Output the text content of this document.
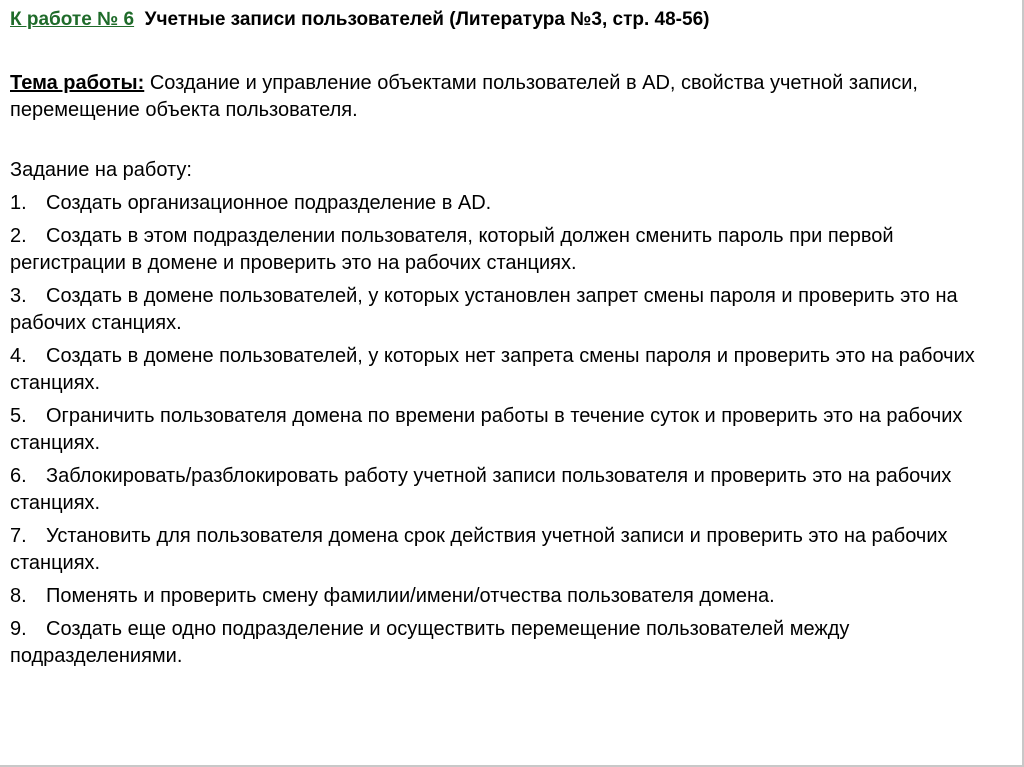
К работе № 6 Учетные записи пользователей (Литература №3, стр. 48-56)
Тема работы: Создание и управление объектами пользователей в AD, свойства учетной записи, перемещение объекта пользователя.
Задание на работу:
1. Создать организационное подразделение в AD.
2. Создать в этом подразделении пользователя, который должен сменить пароль при первой регистрации в домене и проверить это на рабочих станциях.
3. Создать в домене пользователей, у которых установлен запрет смены пароля и проверить это на рабочих станциях.
4. Создать в домене пользователей, у которых нет запрета смены пароля и проверить это на рабочих станциях.
5. Ограничить пользователя домена по времени работы в течение суток и проверить это на рабочих станциях.
6. Заблокировать/разблокировать работу учетной записи пользователя и проверить это на рабочих станциях.
7. Установить для пользователя домена срок действия учетной записи и проверить это на рабочих станциях.
8. Поменять и проверить смену фамилии/имени/отчества пользователя домена.
9. Создать еще одно подразделение и осуществить перемещение пользователей между подразделениями.
